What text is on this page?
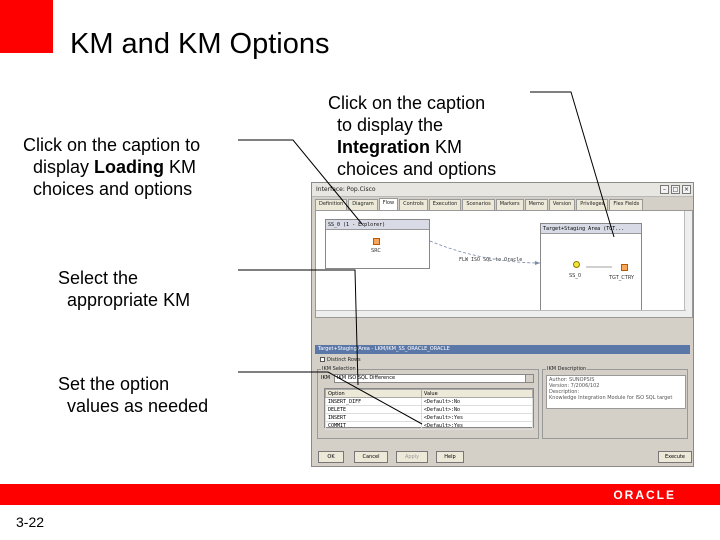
KM and KM Options
Click on the caption to
display Loading KM
choices and options
Click on the caption
to display the
Integration KM
choices and options
Select the
appropriate KM
Set the option
values as needed
Interface: Pop.Cisco	–	□ ×
Definition	Diagram	Flow	Controls	Execution	Scenarios	Markers	Memo	Version	Privileges	Flex Fields
SS_0 (1 - Explorer)
SRC
FLW ISO SQL to Oracle
Target+Staging Area (TGT...
SS_0	TGT_CTRY
Target+Staging Area - LKM/IKM_SS_ORACLE_ORACLE
Distinct Rows
IKM Selection
IKM	IKM ISO SQL Difference
Option	Value
INSERT_DIFF	<Default>:No
DELETE	<Default>:No
INSERT	<Default>:Yes
COMMIT	<Default>:Yes
IKM Description
Author: SUNOPSIS
Version: 7/2006/102
Description:
Knowledge Integration Module for ISO SQL target
OK	Cancel	Apply	Help	Execute
ORACLE
3-22
